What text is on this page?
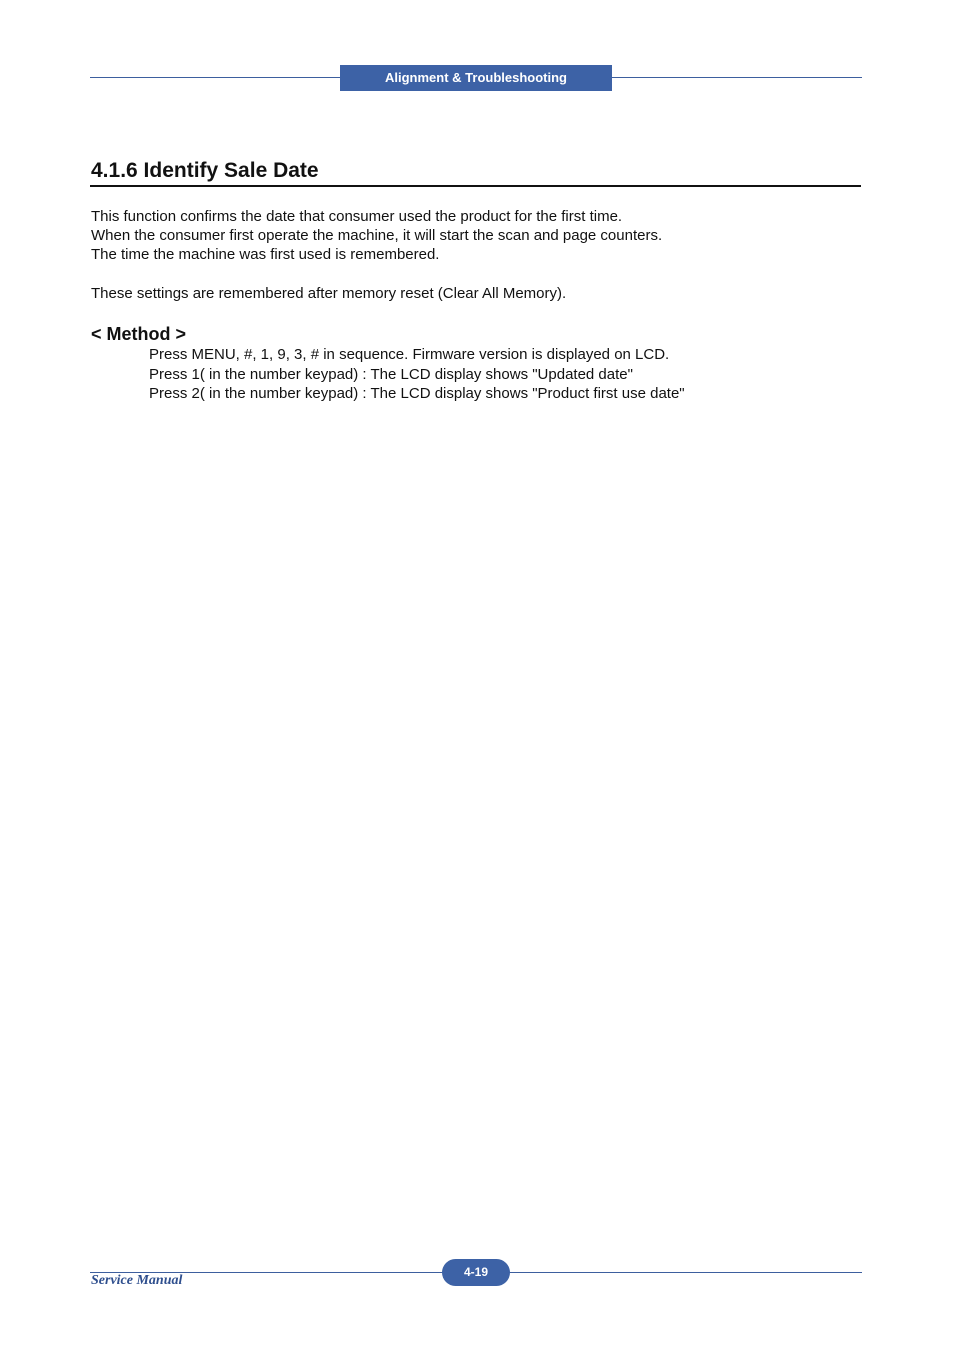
Alignment & Troubleshooting
4.1.6 Identify Sale Date

This function confirms the date that consumer used the product for the first time.

When the consumer first operate the machine, it will start the scan and page counters.

The time the machine was first used is remembered.

These settings are remembered after memory reset (Clear All Memory).

< Method >

Press MENU, #, 1, 9, 3, # in sequence. Firmware version is displayed on LCD.

Press 1( in the number keypad) : The LCD display shows "Updated date"

Press 2( in the number keypad) : The LCD display shows "Product first use date"

Service Manual
4-19
